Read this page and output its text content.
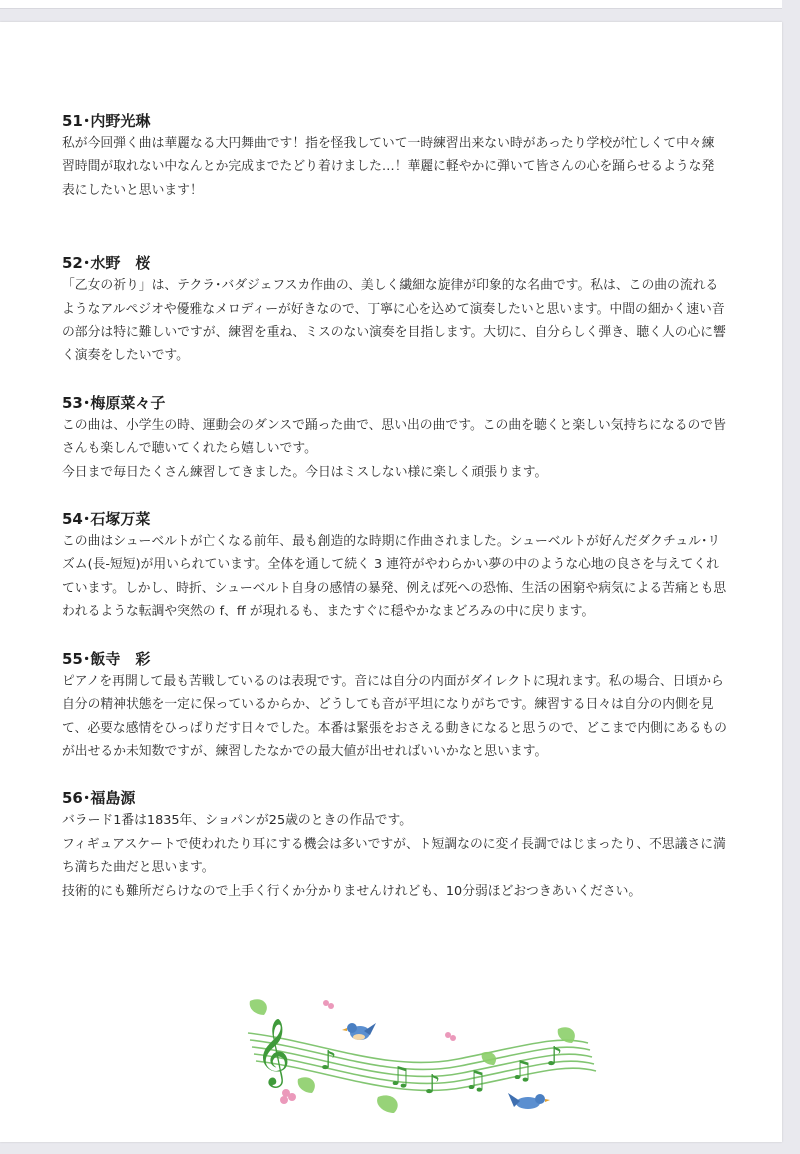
51･内野光琳

私が今回弾く曲は華麗なる大円舞曲です！指を怪我していて一時練習出来ない時があったり学校が忙しくて中々練習時間が取れない中なんとか完成までたどり着けました…！華麗に軽やかに弾いて皆さんの心を踊らせるような発表にしたいと思います！

52･水野　桜

「乙女の祈り」は、テクラ･バダジェフスカ作曲の、美しく繊細な旋律が印象的な名曲です。私は、この曲の流れるようなアルペジオや優雅なメロディーが好きなので、丁寧に心を込めて演奏したいと思います。中間の細かく速い音の部分は特に難しいですが、練習を重ね、ミスのない演奏を目指します。大切に、自分らしく弾き、聴く人の心に響く演奏をしたいです。

53･梅原菜々子

この曲は、小学生の時、運動会のダンスで踊った曲で、思い出の曲です。この曲を聴くと楽しい気持ちになるので皆さんも楽しんで聴いてくれたら嬉しいです。

今日まで毎日たくさん練習してきました。今日はミスしない様に楽しく頑張ります。

54･石塚万菜

この曲はシューベルトが亡くなる前年、最も創造的な時期に作曲されました。シューベルトが好んだダクチュル･リズム(長-短短)が用いられています。全体を通して続く 3 連符がやわらかい夢の中のような心地の良さを与えてくれています。しかし、時折、シューベルト自身の感情の暴発、例えば死への恐怖、生活の困窮や病気による苦痛とも思われるような転調や突然の f、ff が現れるも、またすぐに穏やかなまどろみの中に戻ります。

55･飯寺　彩

ピアノを再開して最も苦戦しているのは表現です。音には自分の内面がダイレクトに現れます。私の場合、日頃から自分の精神状態を一定に保っているからか、どうしても音が平坦になりがちです。練習する日々は自分の内側を見て、必要な感情をひっぱりだす日々でした。本番は緊張をおさえる動きになると思うので、どこまで内側にあるものが出せるか未知数ですが、練習したなかでの最大値が出せればいいかなと思います。

56･福島源

バラード1番は1835年、ショパンが25歳のときの作品です。

フィギュアスケートで使われたり耳にする機会は多いですが、ト短調なのに変イ長調ではじまったり、不思議さに満ち満ちた曲だと思います。

技術的にも難所だらけなので上手く行くか分かりませんけれども、10分弱ほどおつきあいください。

𝄞 ♪
♫ ♪ ♫ ♫ ♪
